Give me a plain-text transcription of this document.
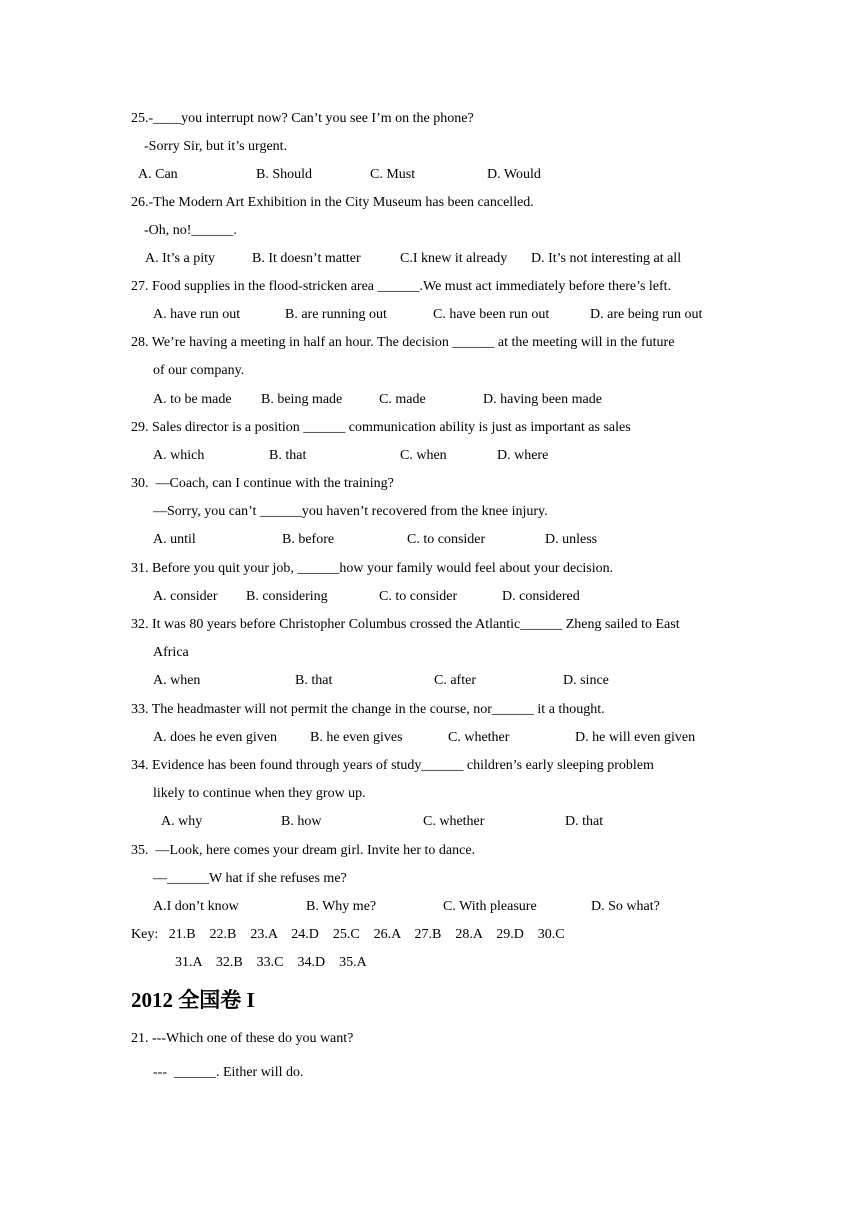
25.-____you interrupt now? Can’t you see I’m on the phone?
-Sorry Sir, but it’s urgent.
A. Can	B. Should	C. Must	D. Would
26.-The Modern Art Exhibition in the City Museum has been cancelled.
-Oh, no!______.
A. It’s a pity	B. It doesn’t matter	C.I knew it already D. It’s not interesting at all
27. Food supplies in the flood-stricken area ______.We must act immediately before there’s left.
A. have run out	B. are running out	C. have been run out	D. are being run out
28. We’re having a meeting in half an hour. The decision ______ at the meeting will in the future
of our company.
A. to be made B. being made	C. made	D. having been made
29. Sales director is a position ______ communication ability is just as important as sales
A. which	B. that	C. when	D. where
30.  —Coach, can I continue with the training?
—Sorry, you can’t ______you haven’t recovered from the knee injury.
A. until	B. before	C. to consider	D. unless
31. Before you quit your job, ______how your family would feel about your decision.
A. consider B. considering	C. to consider	D. considered
32. It was 80 years before Christopher Columbus crossed the Atlantic______ Zheng sailed to East
Africa
A. when	B. that	C. after	D. since
33. The headmaster will not permit the change in the course, nor______ it a thought.
A. does he even given B. he even gives	C. whether	D. he will even given
34. Evidence has been found through years of study______ children’s early sleeping problem
likely to continue when they grow up.
A. why	B. how	C. whether	D. that
35.  —Look, here comes your dream girl. Invite her to dance.
—______W hat if she refuses me?
A.I don’t know	B. Why me?	C. With pleasure	D. So what?
Key:   21.B    22.B    23.A    24.D    25.C    26.A    27.B    28.A    29.D    30.C
31.A    32.B    33.C    34.D    35.A
2012 全国卷 I
21. ---Which one of these do you want?
---  ______. Either will do.
